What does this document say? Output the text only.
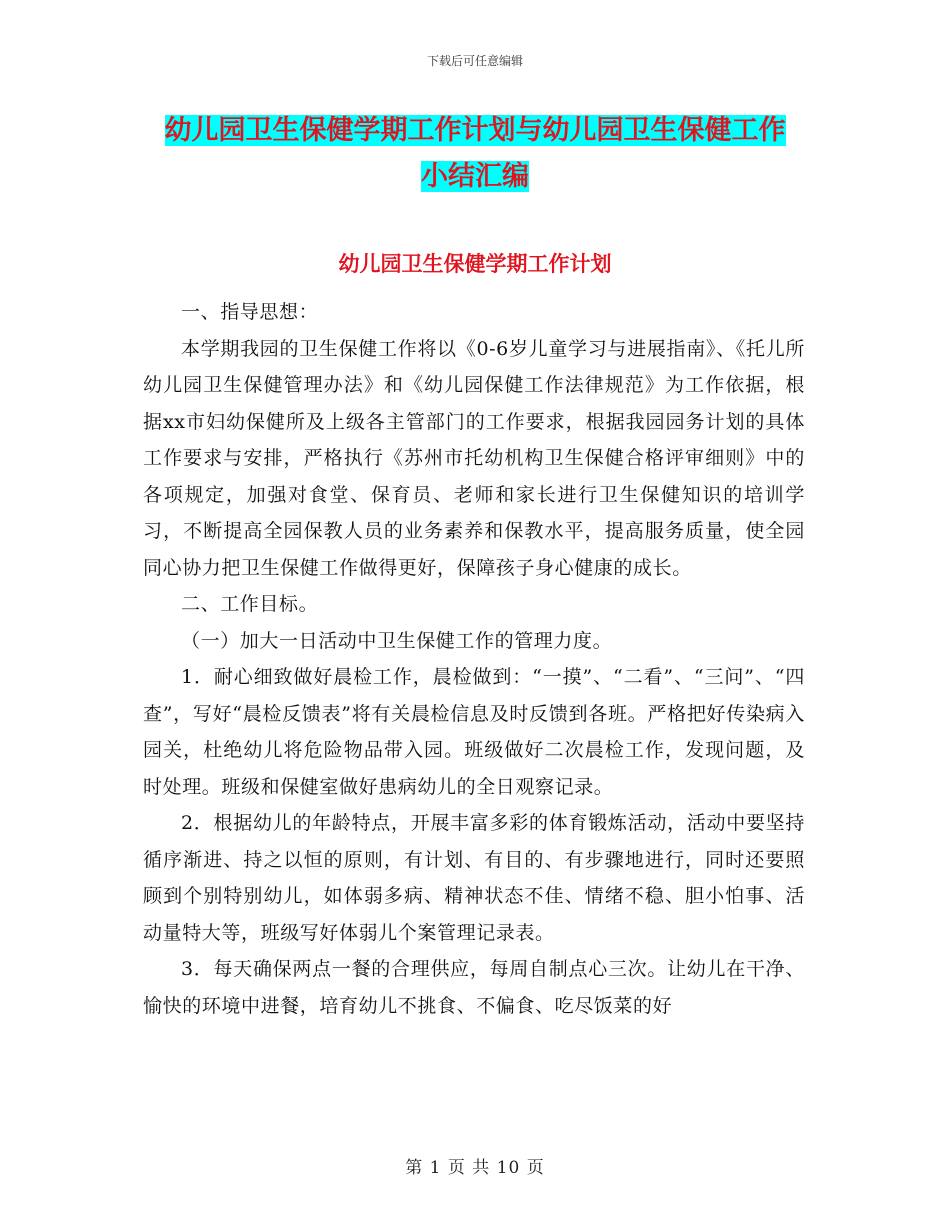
下载后可任意编辑
幼儿园卫生保健学期工作计划与幼儿园卫生保健工作
小结汇编
幼儿园卫生保健学期工作计划

一、指导思想：

本学期我园的卫生保健工作将以《0-6岁儿童学习与进展指南》、《托儿所幼儿园卫生保健管理办法》和《幼儿园保健工作法律规范》为工作依据，根据xx市妇幼保健所及上级各主管部门的工作要求，根据我园园务计划的具体工作要求与安排，严格执行《苏州市托幼机构卫生保健合格评审细则》中的各项规定，加强对食堂、保育员、老师和家长进行卫生保健知识的培训学习，不断提高全园保教人员的业务素养和保教水平，提高服务质量，使全园同心协力把卫生保健工作做得更好，保障孩子身心健康的成长。

二、工作目标。

（一）加大一日活动中卫生保健工作的管理力度。

1．耐心细致做好晨检工作，晨检做到：“一摸”、“二看”、“三问”、“四查”，写好“晨检反馈表”将有关晨检信息及时反馈到各班。严格把好传染病入园关，杜绝幼儿将危险物品带入园。班级做好二次晨检工作，发现问题，及时处理。班级和保健室做好患病幼儿的全日观察记录。

2．根据幼儿的年龄特点，开展丰富多彩的体育锻炼活动，活动中要坚持循序渐进、持之以恒的原则，有计划、有目的、有步骤地进行，同时还要照顾到个别特别幼儿，如体弱多病、精神状态不佳、情绪不稳、胆小怕事、活动量特大等，班级写好体弱儿个案管理记录表。

3．每天确保两点一餐的合理供应，每周自制点心三次。让幼儿在干净、愉快的环境中进餐，培育幼儿不挑食、不偏食、吃尽饭菜的好

第 1 页 共 10 页
